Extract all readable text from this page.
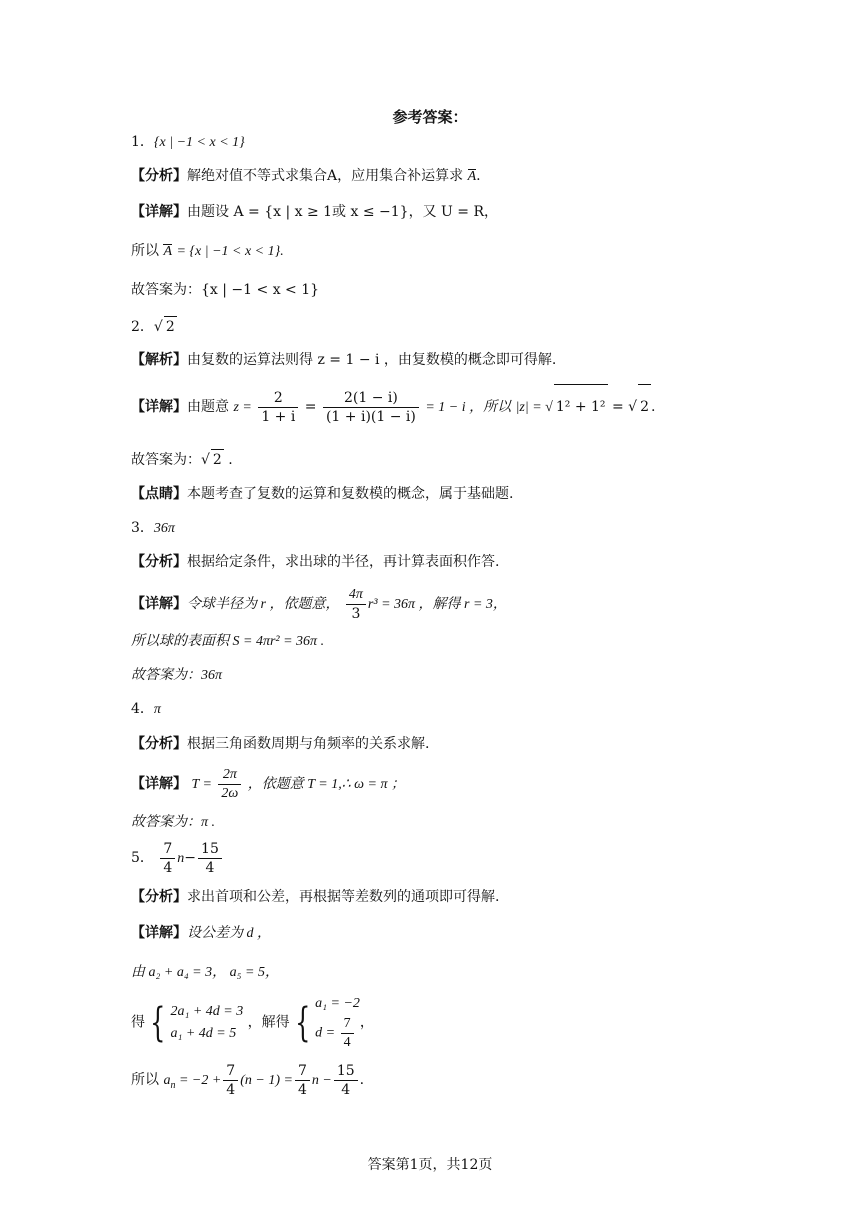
参考答案：
1．{x | −1 < x < 1}
【分析】解绝对值不等式求集合A，应用集合补运算求 A.
【详解】由题设 A = {x | x ≥ 1或 x ≤ −1}，又 U = R，
所以 A = {x | −1 < x < 1}.
故答案为：{x | −1 < x < 1}
2．√ 2
【解析】由复数的运算法则得 z = 1 − i ，由复数模的概念即可得解.
【详解】由题意 $z = \frac{2}{1 + i} = \frac{2(1 - i)}{(1 + i)(1 - i)} = 1 - i$ ，所以 |z| = √ 1² + 1² = √ 2 .
故答案为：√ 2 .
【点睛】本题考查了复数的运算和复数模的概念，属于基础题.
3．36π
【分析】根据给定条件，求出球的半径，再计算表面积作答.
【详解】令球半径为 r ，依题意， $\frac{4\pi}{3} r^3 = 36\pi$ ，解得 r = 3，
所以球的表面积 S = 4πr² = 36π .
故答案为：36π
4．π
【分析】根据三角函数周期与角频率的关系求解.
【详解】 $T = \frac{2\pi}{2\omega}$ ，依题意 T = 1,∴ ω = π ；
故答案为：π .
5． $\frac{7}{4} n- \frac{15}{4}$
【分析】求出首项和公差，再根据等差数列的通项即可得解.
【详解】设公差为 d ，
由 a₂ + a₄ = 3， a₅ = 5，
得 { 2a₁ + 4d = 3
a₁ + 4d = 5
，解得 { a₁ = −2
$d = \frac{7}{4}$ ，
所以 $a_n = -2 + \frac{7}{4} (n - 1) = \frac{7}{4}$ $n - \frac{15}{4}$ .
答案第1页，共12页
